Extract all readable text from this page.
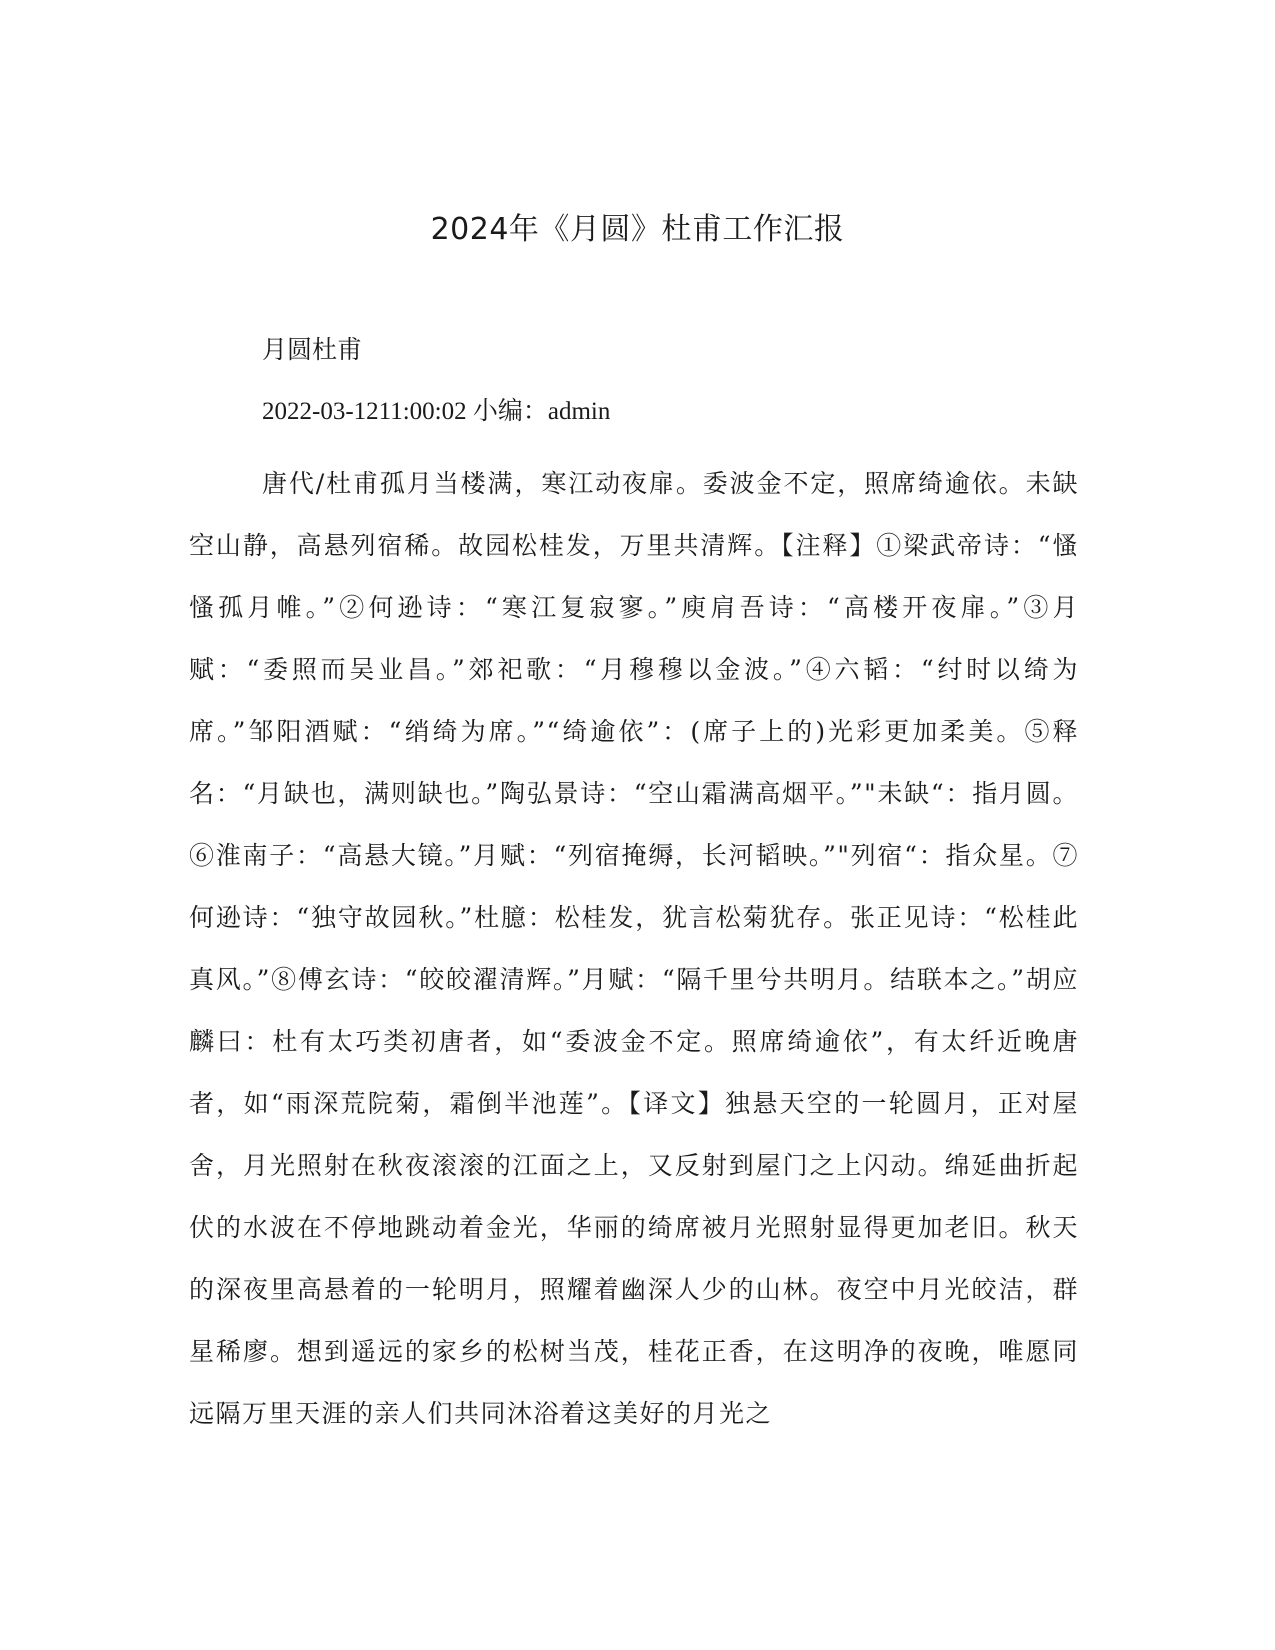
2024年《月圆》杜甫工作汇报
月圆杜甫
2022-03-1211:00:02 小编：admin

唐代/杜甫孤月当楼满，寒江动夜扉。委波金不定，照席绮逾依。未缺空山静，高悬列宿稀。故园松桂发，万里共清辉。【注释】①梁武帝诗：“慅慅孤月帷。”②何逊诗：“寒江复寂寥。”庾肩吾诗：“高楼开夜扉。”③月赋：“委照而吴业昌。”郊祀歌：“月穆穆以金波。”④六韬：“纣时以绮为席。”邹阳酒赋：“绡绮为席。”“绮逾依”：(席子上的)光彩更加柔美。⑤释名：“月缺也，满则缺也。”陶弘景诗：“空山霜满高烟平。”"未缺“：指月圆。⑥淮南子：“高悬大镜。”月赋：“列宿掩缛，长河韬映。”"列宿“：指众星。⑦何逊诗：“独守故园秋。”杜臆：松桂发，犹言松菊犹存。张正见诗：“松桂此真风。”⑧傅玄诗：“皎皎濯清辉。”月赋：“隔千里兮共明月。结联本之。”胡应麟曰：杜有太巧类初唐者，如“委波金不定。照席绮逾依”，有太纤近晚唐者，如“雨深荒院菊，霜倒半池莲”。【译文】独悬天空的一轮圆月，正对屋舍，月光照射在秋夜滚滚的江面之上，又反射到屋门之上闪动。绵延曲折起伏的水波在不停地跳动着金光，华丽的绮席被月光照射显得更加老旧。秋天的深夜里高悬着的一轮明月，照耀着幽深人少的山林。夜空中月光皎洁，群星稀廖。想到遥远的家乡的松树当茂，桂花正香，在这明净的夜晚，唯愿同远隔万里天涯的亲人们共同沐浴着这美好的月光之
